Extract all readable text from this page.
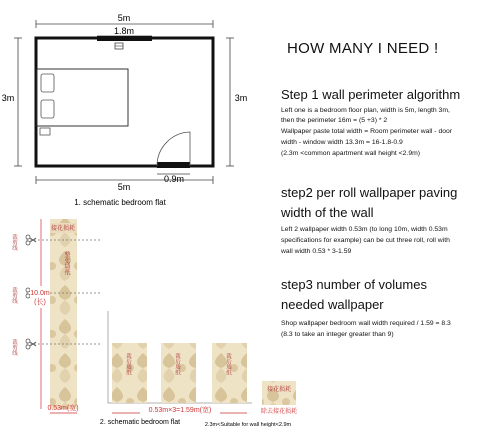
5m
1.8m
3m	3m
5m
0.9m
1. schematic bedroom flat
HOW MANY I NEED !
Step 1 wall perimeter algorithm
Left one is a bedroom floor plan, width is 5m, length 3m,
then the perimeter 16m = (5 +3) * 2
Wallpaper paste total width = Room perimeter wall - door
width - window width 13.3m = 16-1.8-0.9
(2.3m <common apartment wall height <2.9m)
step2 per roll wallpaper paving
width of the wall
Left 2 wallpaper width 0.53m (to long 10m, width 0.53m
specifications for example) can be cut three roll, roll with
wall width 0.53 * 3-1.59
step3 number of volumes
needed wallpaper
Shop wallpaper bedroom wall width required / 1.59 = 8.3
(8.3 to take an integer greater than 9)
10.0m
(长)
裁剪线
裁剪线
裁剪线
接花损耗
整张墙纸
0.53m(宽)
裁后墙纸	裁后墙纸	裁后墙纸
0.53m×3=1.59m(宽)
接花损耗
除去接花损耗
2. schematic bedroom flat	2.3m<Suitable for wall height<2.9m
